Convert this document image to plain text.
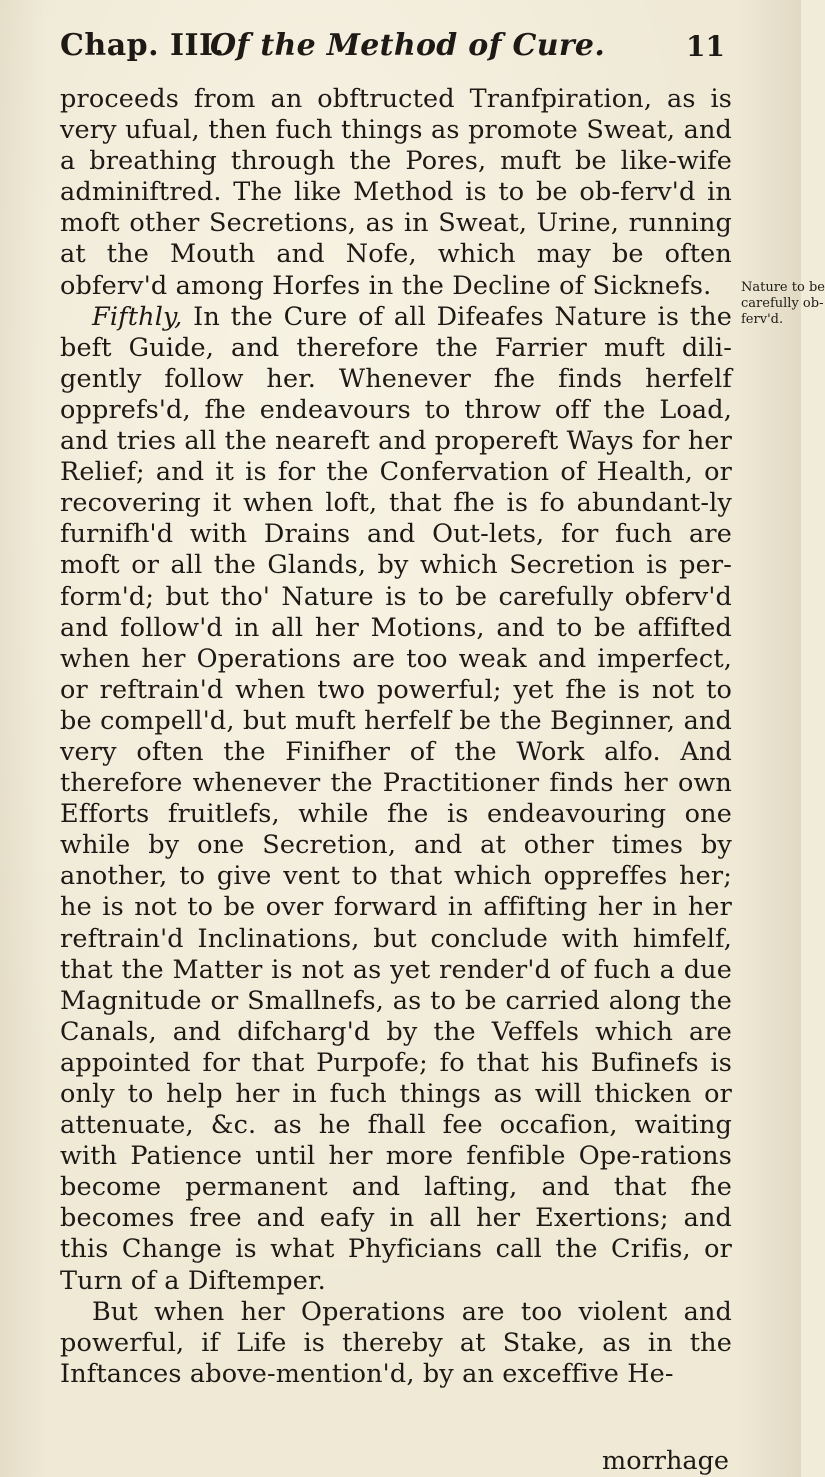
Chap. III.
Of the Method of Cure.	11

proceeds from an obftructed Tranfpiration, as is very ufual, then fuch things as promote Sweat, and a breathing through the Pores, muft be like-wife adminiftred. The like Method is to be ob-ferv'd in moft other Secretions, as in Sweat, Urine, running at the Mouth and Nofe, which may be often obferv'd among Horfes in the Decline of Sicknefs.

Fifthly, In the Cure of all Difeafes Nature is the beft Guide, and therefore the Farrier muft dili-gently follow her. Whenever fhe finds herfelf opprefs'd, fhe endeavours to throw off the Load, and tries all the neareft and propereft Ways for her Relief; and it is for the Confervation of Health, or recovering it when loft, that fhe is fo abundant-ly furnifh'd with Drains and Out-lets, for fuch are moft or all the Glands, by which Secretion is per-form'd; but tho' Nature is to be carefully obferv'd and follow'd in all her Motions, and to be affifted when her Operations are too weak and imperfect, or reftrain'd when two powerful; yet fhe is not to be compell'd, but muft herfelf be the Beginner, and very often the Finifher of the Work alfo. And therefore whenever the Practitioner finds her own Efforts fruitlefs, while fhe is endeavouring one while by one Secretion, and at other times by another, to give vent to that which oppreffes her; he is not to be over forward in affifting her in her reftrain'd Inclinations, but conclude with himfelf, that the Matter is not as yet render'd of fuch a due Magnitude or Smallnefs, as to be carried along the Canals, and difcharg'd by the Veffels which are appointed for that Purpofe; fo that his Bufinefs is only to help her in fuch things as will thicken or attenuate, &c. as he fhall fee occafion, waiting with Patience until her more fenfible Ope-rations become permanent and lafting, and that fhe becomes free and eafy in all her Exertions; and this Change is what Phyficians call the Crifis, or Turn of a Diftemper.

But when her Operations are too violent and powerful, if Life is thereby at Stake, as in the Inftances above-mention'd, by an exceffive He-

Nature to be
carefully ob-
ferv'd.
morrhage
